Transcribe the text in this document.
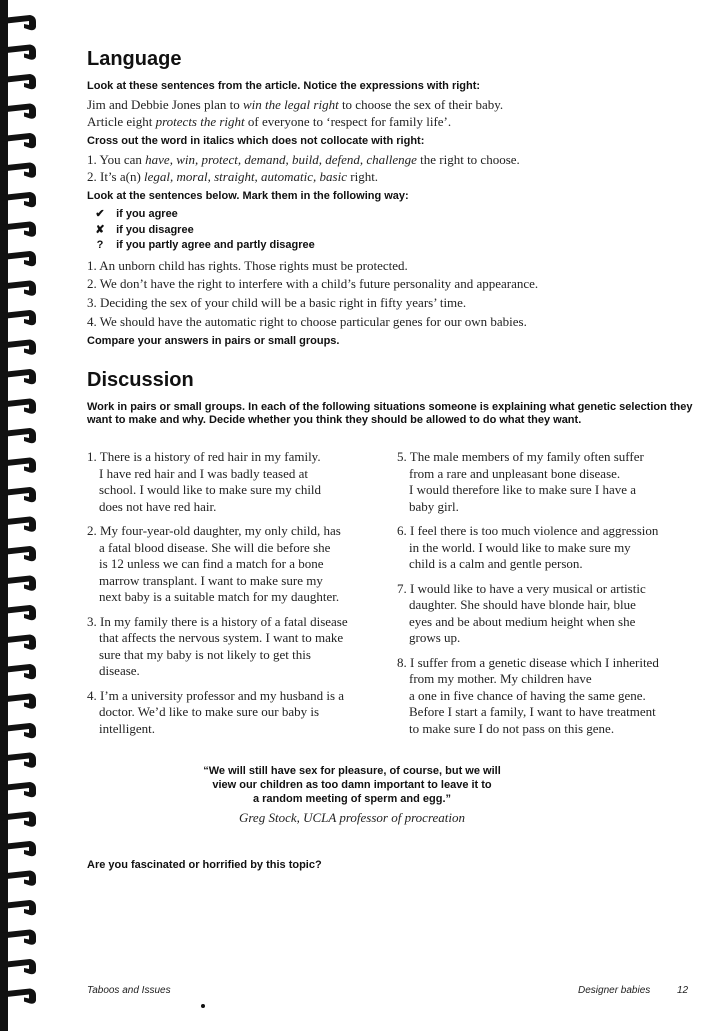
Language

Look at these sentences from the article. Notice the expressions with right:

Jim and Debbie Jones plan to win the legal right to choose the sex of their baby.
Article eight protects the right of everyone to ‘respect for family life’.

Cross out the word in italics which does not collocate with right:

1. You can have, win, protect, demand, build, defend, challenge the right to choose.
2. It’s a(n) legal, moral, straight, automatic, basic right.

Look at the sentences below. Mark them in the following way:

✔ if you agree
✘ if you disagree
? if you partly agree and partly disagree
1. An unborn child has rights. Those rights must be protected.
2. We don’t have the right to interfere with a child’s future personality and appearance.
3. Deciding the sex of your child will be a basic right in fifty years’ time.
4. We should have the automatic right to choose particular genes for our own babies.

Compare your answers in pairs or small groups.

Discussion

Work in pairs or small groups. In each of the following situations someone is explaining what genetic selection they want to make and why. Decide whether you think they should be allowed to do what they want.

1. There is a history of red hair in my family.
I have red hair and I was badly teased at
school. I would like to make sure my child
does not have red hair.
2. My four-year-old daughter, my only child, has
a fatal blood disease. She will die before she
is 12 unless we can find a match for a bone
marrow transplant. I want to make sure my
next baby is a suitable match for my daughter.
3. In my family there is a history of a fatal disease
that affects the nervous system. I want to make
sure that my baby is not likely to get this
disease.
4. I’m a university professor and my husband is a
doctor. We’d like to make sure our baby is
intelligent.
5. The male members of my family often suffer
from a rare and unpleasant bone disease.
I would therefore like to make sure I have a
baby girl.
6. I feel there is too much violence and aggression
in the world. I would like to make sure my
child is a calm and gentle person.
7. I would like to have a very musical or artistic
daughter. She should have blonde hair, blue
eyes and be about medium height when she
grows up.
8. I suffer from a genetic disease which I inherited
from my mother. My children have
a one in five chance of having the same gene.
Before I start a family, I want to have treatment
to make sure I do not pass on this gene.
“We will still have sex for pleasure, of course, but we will
view our children as too damn important to leave it to
a random meeting of sperm and egg.”
Greg Stock, UCLA professor of procreation

Are you fascinated or horrified by this topic?

Taboos and Issues	Designer babies	12
